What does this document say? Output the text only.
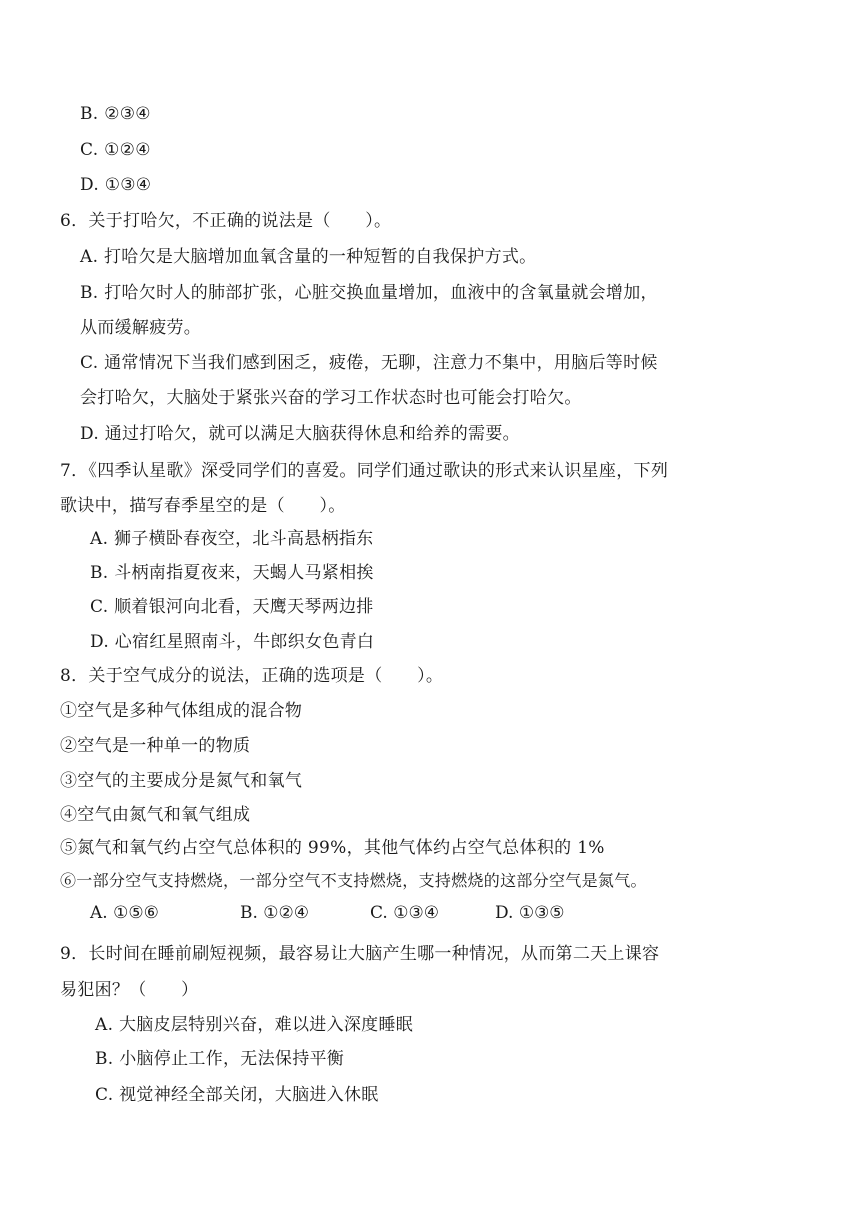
B. ②③④
C. ①②④
D. ①③④
6．关于打哈欠，不正确的说法是（　　）。
A. 打哈欠是大脑增加血氧含量的一种短暂的自我保护方式。
B. 打哈欠时人的肺部扩张，心脏交换血量增加，血液中的含氧量就会增加，
从而缓解疲劳。
C. 通常情况下当我们感到困乏，疲倦，无聊，注意力不集中，用脑后等时候
会打哈欠，大脑处于紧张兴奋的学习工作状态时也可能会打哈欠。
D. 通过打哈欠，就可以满足大脑获得休息和给养的需要。
7．《四季认星歌》深受同学们的喜爱。同学们通过歌诀的形式来认识星座，下列
歌诀中，描写春季星空的是（　　）。
A. 狮子横卧春夜空，北斗高悬柄指东
B. 斗柄南指夏夜来，天蝎人马紧相挨
C. 顺着银河向北看，天鹰天琴两边排
D. 心宿红星照南斗，牛郎织女色青白
8．关于空气成分的说法，正确的选项是（　　）。
①空气是多种气体组成的混合物
②空气是一种单一的物质
③空气的主要成分是氮气和氧气
④空气由氮气和氧气组成
⑤氮气和氧气约占空气总体积的 99%，其他气体约占空气总体积的 1%
⑥一部分空气支持燃烧，一部分空气不支持燃烧，支持燃烧的这部分空气是氮气。
A. ①⑤⑥	B. ①②④	C. ①③④	D. ①③⑤
9．长时间在睡前刷短视频，最容易让大脑产生哪一种情况，从而第二天上课容
易犯困？（　　）
A. 大脑皮层特别兴奋，难以进入深度睡眠
B. 小脑停止工作，无法保持平衡
C. 视觉神经全部关闭，大脑进入休眠
